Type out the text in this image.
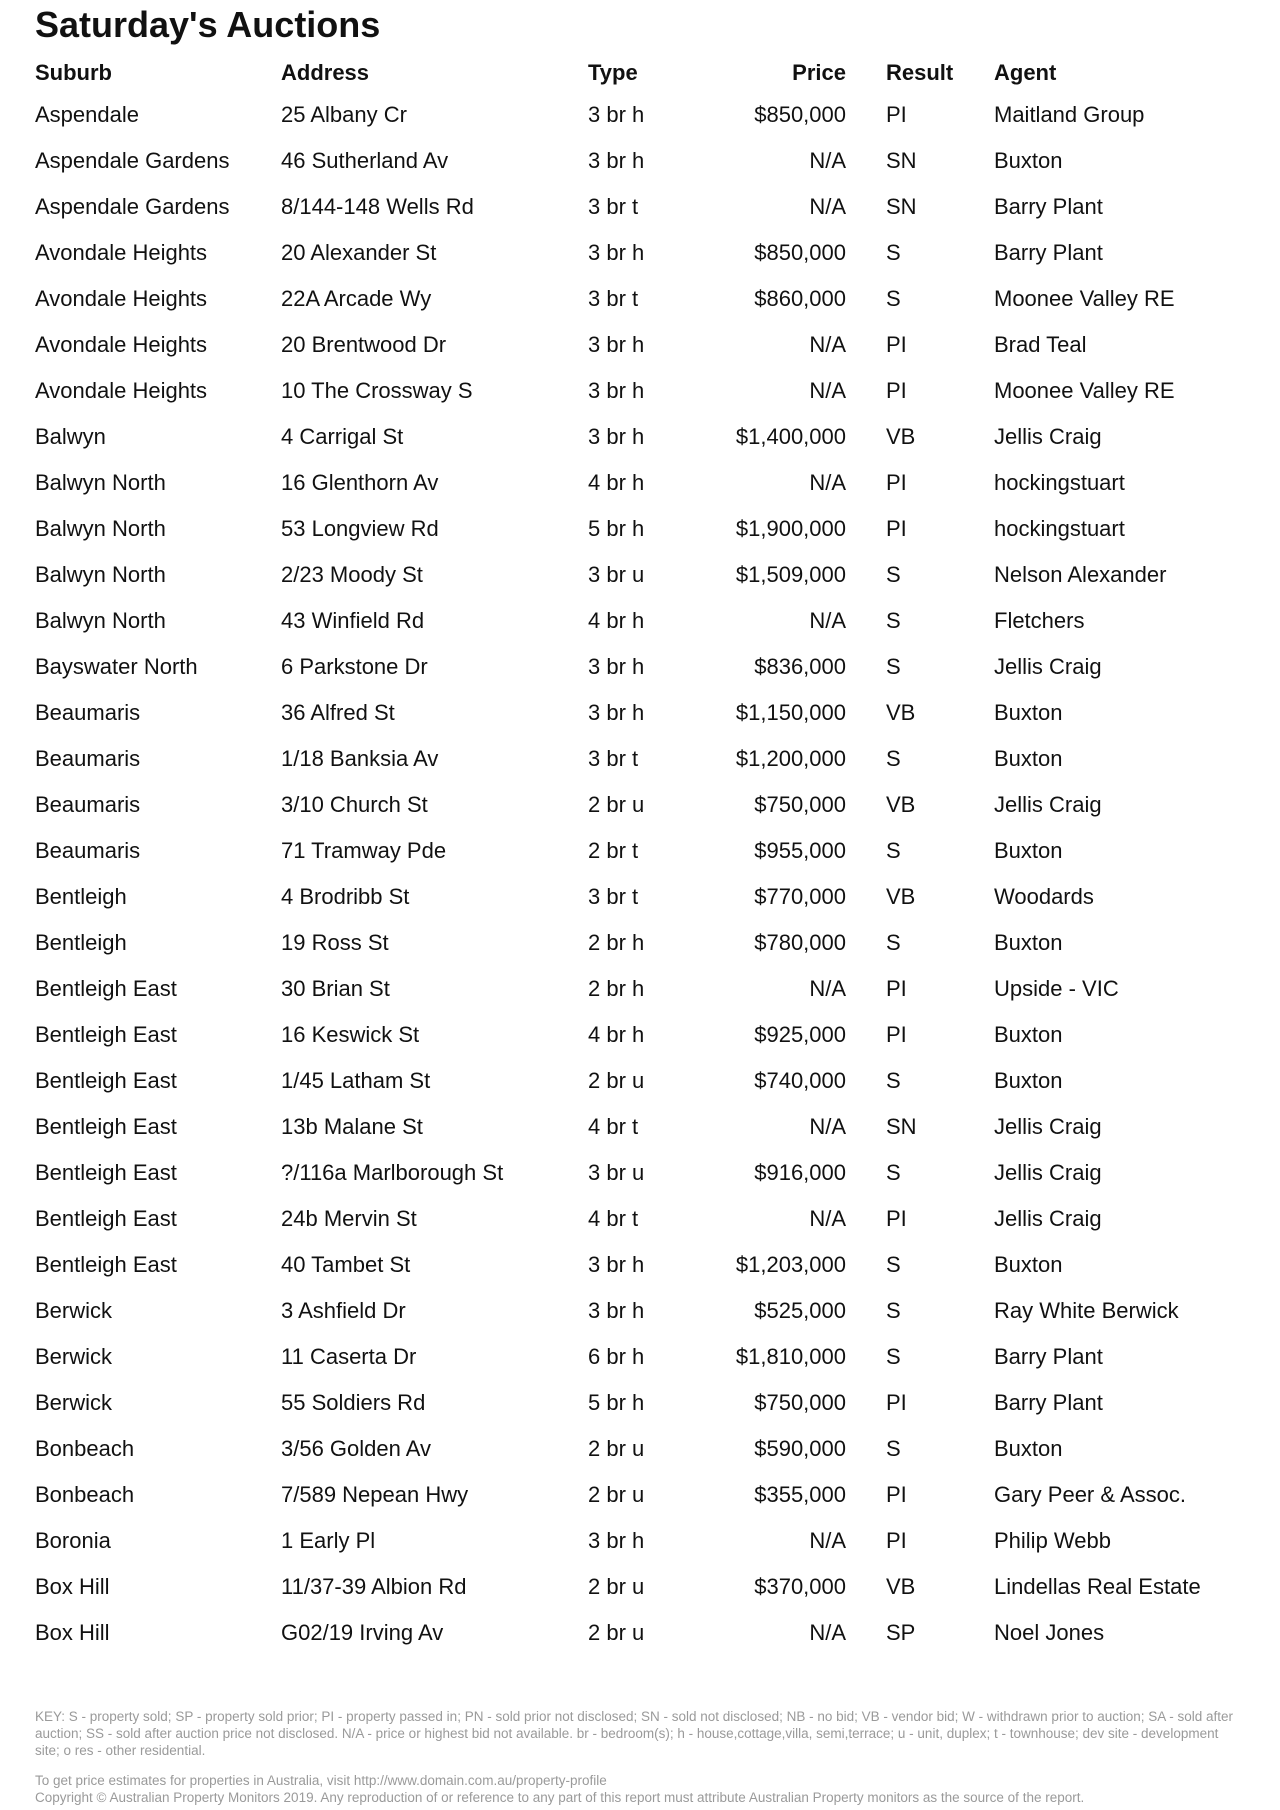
Saturday's Auctions
Suburb	Address	Type	Price		Result	Agent
Aspendale	25 Albany Cr	3 br h	$850,000		PI	Maitland Group
Aspendale Gardens	46 Sutherland Av	3 br h	N/A		SN	Buxton
Aspendale Gardens	8/144-148 Wells Rd	3 br t	N/A		SN	Barry Plant
Avondale Heights	20 Alexander St	3 br h	$850,000		S	Barry Plant
Avondale Heights	22A Arcade Wy	3 br t	$860,000		S	Moonee Valley RE
Avondale Heights	20 Brentwood Dr	3 br h	N/A		PI	Brad Teal
Avondale Heights	10 The Crossway S	3 br h	N/A		PI	Moonee Valley RE
Balwyn	4 Carrigal St	3 br h	$1,400,000		VB	Jellis Craig
Balwyn North	16 Glenthorn Av	4 br h	N/A		PI	hockingstuart
Balwyn North	53 Longview Rd	5 br h	$1,900,000		PI	hockingstuart
Balwyn North	2/23 Moody St	3 br u	$1,509,000		S	Nelson Alexander
Balwyn North	43 Winfield Rd	4 br h	N/A		S	Fletchers
Bayswater North	6 Parkstone Dr	3 br h	$836,000		S	Jellis Craig
Beaumaris	36 Alfred St	3 br h	$1,150,000		VB	Buxton
Beaumaris	1/18 Banksia Av	3 br t	$1,200,000		S	Buxton
Beaumaris	3/10 Church St	2 br u	$750,000		VB	Jellis Craig
Beaumaris	71 Tramway Pde	2 br t	$955,000		S	Buxton
Bentleigh	4 Brodribb St	3 br t	$770,000		VB	Woodards
Bentleigh	19 Ross St	2 br h	$780,000		S	Buxton
Bentleigh East	30 Brian St	2 br h	N/A		PI	Upside - VIC
Bentleigh East	16 Keswick St	4 br h	$925,000		PI	Buxton
Bentleigh East	1/45 Latham St	2 br u	$740,000		S	Buxton
Bentleigh East	13b Malane St	4 br t	N/A		SN	Jellis Craig
Bentleigh East	?/116a Marlborough St	3 br u	$916,000		S	Jellis Craig
Bentleigh East	24b Mervin St	4 br t	N/A		PI	Jellis Craig
Bentleigh East	40 Tambet St	3 br h	$1,203,000		S	Buxton
Berwick	3 Ashfield Dr	3 br h	$525,000		S	Ray White Berwick
Berwick	11 Caserta Dr	6 br h	$1,810,000		S	Barry Plant
Berwick	55 Soldiers Rd	5 br h	$750,000		PI	Barry Plant
Bonbeach	3/56 Golden Av	2 br u	$590,000		S	Buxton
Bonbeach	7/589 Nepean Hwy	2 br u	$355,000		PI	Gary Peer & Assoc.
Boronia	1 Early Pl	3 br h	N/A		PI	Philip Webb
Box Hill	11/37-39 Albion Rd	2 br u	$370,000		VB	Lindellas Real Estate
Box Hill	G02/19 Irving Av	2 br u	N/A		SP	Noel Jones
KEY: S - property sold; SP - property sold prior; PI - property passed in; PN - sold prior not disclosed; SN - sold not disclosed; NB - no bid; VB - vendor bid; W - withdrawn prior to auction; SA - sold after auction; SS - sold after auction price not disclosed. N/A - price or highest bid not available. br - bedroom(s); h - house,cottage,villa, semi,terrace; u - unit, duplex; t - townhouse; dev site - development site; o res - other residential.
To get price estimates for properties in Australia, visit http://www.domain.com.au/property-profile
Copyright © Australian Property Monitors 2019. Any reproduction of or reference to any part of this report must attribute Australian Property monitors as the source of the report.
